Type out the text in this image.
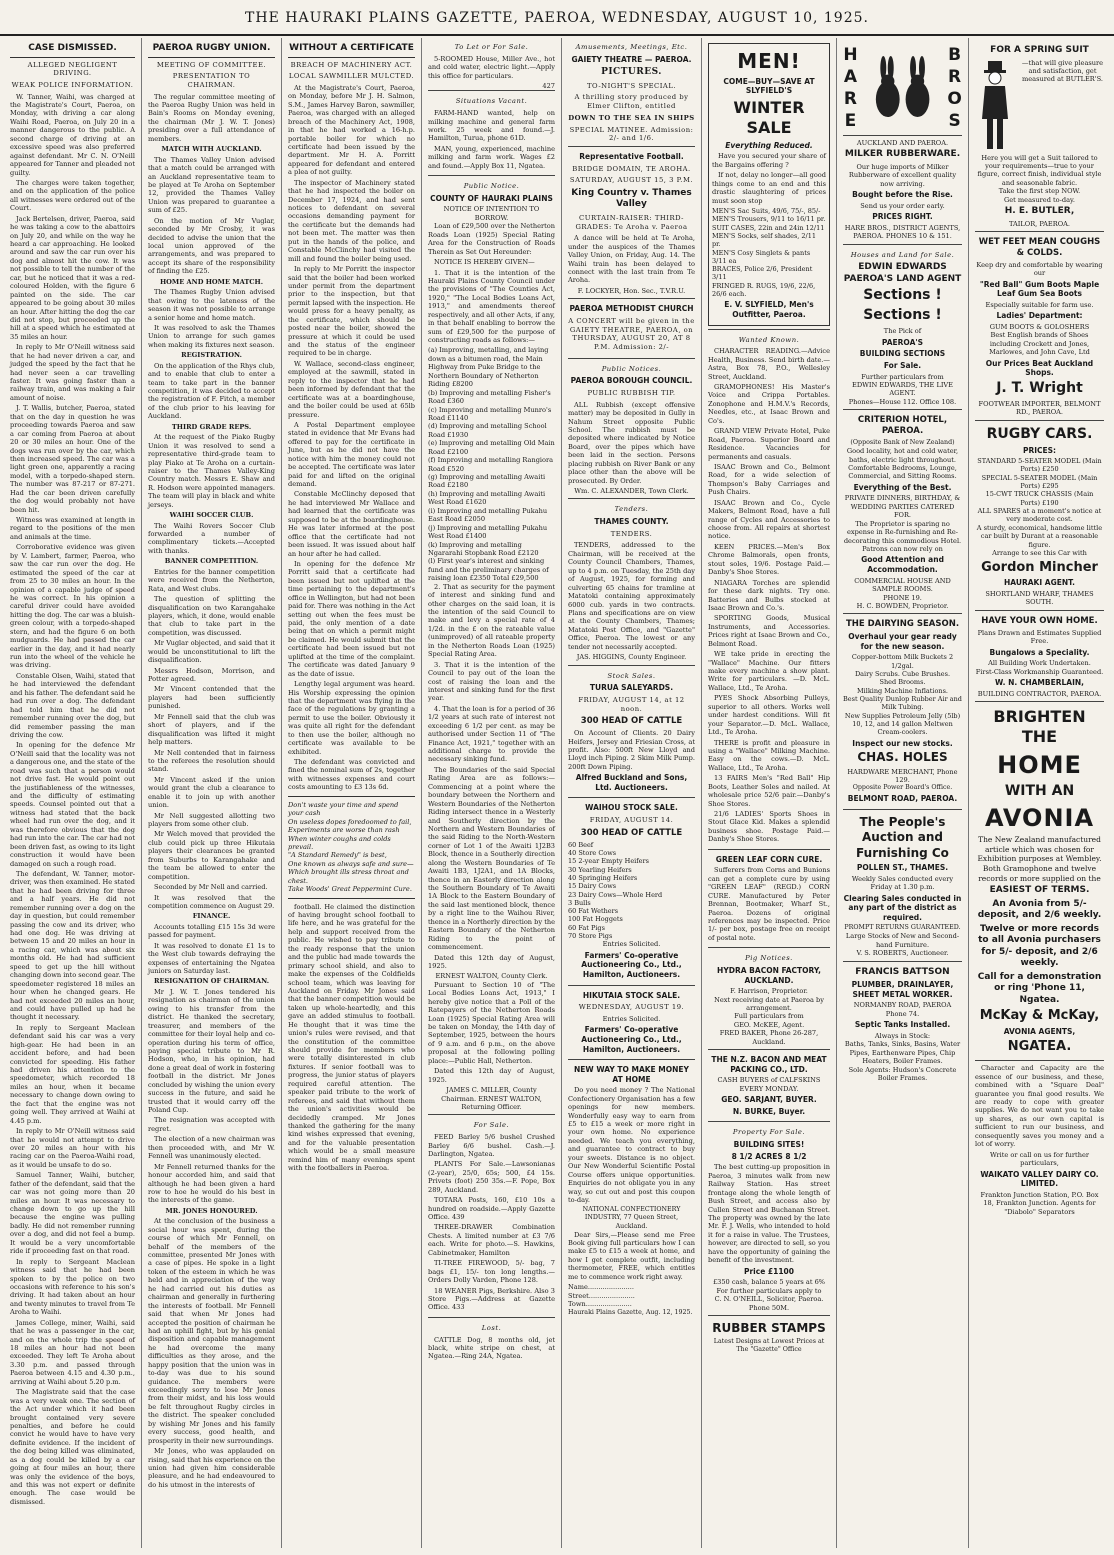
THE HAURAKI PLAINS GAZETTE, PAEROA, WEDNESDAY, AUGUST 10, 1925.
CASE DISMISSED.
ALLEGED NEGLIGENT DRIVING.
WEAK POLICE INFORMATION.

W. Tanner, Waihi, was charged at the Magistrate's Court, Paeroa, on Monday, with driving a car along Waihi Road, Paeroa, on July 20 in a manner dangerous to the public. A second charge of driving at an excessive speed was also preferred against defendant. Mr C. N. O'Neill appeared for Tanner and pleaded not guilty.

The charges were taken together, and on the application of the police all witnesses were ordered out of the Court.

Jack Bertelsen, driver, Paeroa, said he was taking a cow to the abattoirs on July 20, and while on the way he heard a car approaching. He looked around and saw the car run over his dog and almost hit the cow. It was not possible to tell the number of the car, but he noticed that it was a red-coloured Holden, with the figure 6 painted on the side. The car appeared to be going about 30 miles an hour. After hitting the dog the car did not stop, but proceeded up the hill at a speed which he estimated at 35 miles an hour.

In reply to Mr O'Neill witness said that he had never driven a car, and judged the speed by the fact that he had never seen a car travelling faster. It was going faster than a railway train, and was making a fair amount of noise.

J. T. Wallis, butcher, Paeroa, stated that on the day in question he was proceeding towards Paeroa and saw a car coming from Paeroa at about 20 or 30 miles an hour. One of the dogs was run over by the car, which then increased speed. The car was a light green one, apparently a racing model, with a torpedo-shaped stern. The number was 87-217 or 87-271. Had the car been driven carefully the dog would probably not have been hit.

Witness was examined at length in regard to the positions of the men and animals at the time.

Corroborative evidence was given by V. Lambert, farmer, Paeroa, who saw the car run over the dog. He estimated the speed of the car at from 25 to 30 miles an hour. In the opinion of a capable judge of speed he was correct. In his opinion a careful driver could have avoided hitting the dog. The car was a bluish-green colour, with a torpedo-shaped stern, and had the figure 6 on both mudguards. He had passed the car earlier in the day, and it had nearly run into the wheel of the vehicle he was driving.

Constable Olsen, Waihi, stated that he had interviewed the defendant and his father. The defendant said he had run over a dog. The defendant had told him that he did not remember running over the dog, but did remember passing the man driving the cow.

In opening for the defence Mr O'Neill said that the locality was not a dangerous one, and the state of the road was such that a person would not drive fast. He would point out the justifiableness of the witnesses, and the difficulty of estimating speeds. Counsel pointed out that a witness had stated that the back wheel had run over the dog, and it was therefore obvious that the dog had run into the car. The car had not been driven fast, as owing to its light construction it would have been damaged on such a rough road.

The defendant, W. Tanner, motor-driver, was then examined. He stated that he had been driving for three and a half years. He did not remember running over a dog on the day in question, but could remember passing the cow and its driver, who had one dog. He was driving at between 15 and 20 miles an hour in a racing car, which was about six months old. He had had sufficient speed to get up the hill without changing down into second gear. The speedometer registered 18 miles an hour when he changed gears. He had not exceeded 20 miles an hour, and could have pulled up had he thought it necessary.

In reply to Sergeant Maclean defendant said his car was a very high-gear. He had been in an accident before, and had been convicted for speeding. His father had driven his attention to the speedometer, which recorded 18 miles an hour, when it became necessary to change down owing to the fact that the engine was not going well. They arrived at Waihi at 4.45 p.m.

In reply to Mr O'Neill witness said that he would not attempt to drive over 20 miles an hour with his racing car on the Paeroa-Waihi road, as it would be unsafe to do so.

Samuel Tanner, Waihi, butcher, father of the defendant, said that the car was not going more than 20 miles an hour. It was necessary to change down to go up the hill because the engine was pulling badly. He did not remember running over a dog, and did not feel a bump. It would be a very uncomfortable ride if proceeding fast on that road.

In reply to Sergeant Maclean witness said that he had been spoken to by the police on two occasions with reference to his son's driving. It had taken about an hour and twenty minutes to travel from Te Aroha to Waihi.

James College, miner, Waihi, said that he was a passenger in the car, and on the whole trip the speed of 18 miles an hour had not been exceeded. They left Te Aroha about 3.30 p.m. and passed through Paeroa between 4.15 and 4.30 p.m., arriving at Waihi about 5.20 p.m.

The Magistrate said that the case was a very weak one. The section of the Act under which it had been brought contained very severe penalties, and before he could convict he would have to have very definite evidence. If the incident of the dog being killed was eliminated, as a dog could be killed by a car going at four miles an hour, there was only the evidence of the boys, and this was not expert or definite enough. The case would be dismissed.

PAEROA RUGBY UNION.
MEETING OF COMMITTEE.
PRESENTATION TO CHAIRMAN.

The regular committee meeting of the Paeroa Rugby Union was held in Bain's Rooms on Monday evening, the chairman (Mr J. W. T. Jones) presiding over a full attendance of members.

MATCH WITH AUCKLAND.

The Thames Valley Union advised that a match could be arranged with an Auckland representative team to be played at Te Aroha on September 12, provided the Thames Valley Union was prepared to guarantee a sum of £25.

On the motion of Mr Vuglar, seconded by Mr Crosby, it was decided to advise the union that the local union approved of the arrangements, and was prepared to accept its share of the responsibility of finding the £25.

HOME AND HOME MATCH.

The Thames Rugby Union advised that owing to the lateness of the season it was not possible to arrange a senior home and home match.

It was resolved to ask the Thames Union to arrange for such games when making its fixtures next season.

REGISTRATION.

On the application of the Rhys club, and to enable that club to enter a team to take part in the banner competition, it was decided to accept the registration of F. Fitch, a member of the club prior to his leaving for Auckland.

THIRD GRADE REPS.

At the request of the Piako Rugby Union it was resolved to send a representative third-grade team to play Piako at Te Aroha on a curtain-raiser to the Thames Valley-King Country match. Messrs E. Shaw and R. Hodson were appointed managers. The team will play in black and white jerseys.

WAIHI SOCCER CLUB.

The Waihi Rovers Soccer Club forwarded a number of complimentary tickets.—Accepted with thanks.

BANNER COMPETITION.

Entries for the banner competition were received from the Netherton, Rata, and West clubs.

The question of splitting the disqualification on two Karangahake players, which, it done, would enable that club to take part in the competition, was discussed.

Mr Vuglar objected, and said that it would be unconstitutional to lift the disqualification.

Messrs Hodson, Morrison, and Potter agreed.

Mr Vincent contended that the players had been sufficiently punished.

Mr Fennell said that the club was short of players, and if the disqualification was lifted it might help matters.

Mr Nell contended that in fairness to the referees the resolution should stand.

Mr Vincent asked if the union would grant the club a clearance to enable it to join up with another union.

Mr Nell suggested allotting two players from some other club.

Mr Welch moved that provided the club could pick up three Hikutaia players their clearances be granted from Suburbs to Karangahake and the team be allowed to enter the competition.

Seconded by Mr Nell and carried.

It was resolved that the competition commence on August 29.

FINANCE.

Accounts totalling £15 15s 3d were passed for payment.

It was resolved to donate £1 1s to the West club towards defraying the expenses of entertaining the Ngatea juniors on Saturday last.

RESIGNATION OF CHAIRMAN.

Mr J. W. T. Jones tendered his resignation as chairman of the union owing to his transfer from the district. He thanked the secretary, treasurer, and members of the committee for their loyal help and co-operation during his term of office, paying special tribute to Mr R. Hodson, who, in his opinion, had done a great deal of work in fostering football in the district. Mr Jones concluded by wishing the union every success in the future, and said he trusted that it would carry off the Poland Cup.

The resignation was accepted with regret.

The election of a new chairman was then proceeded with, and Mr W. Fennell was unanimously elected.

Mr Fennell returned thanks for the honour accorded him, and said that although he had been given a hard row to hoe he would do his best in the interests of the game.

MR. JONES HONOURED.

At the conclusion of the business a social hour was spent, during the course of which Mr Fennell, on behalf of the members of the committee, presented Mr Jones with a case of pipes. He spoke in a light token of the esteem in which he was held and in appreciation of the way he had carried out his duties as chairman and generally in furthering the interests of football. Mr Fennell said that when Mr Jones had accepted the position of chairman he had an uphill fight, but by his genial disposition and capable management he had overcome the many difficulties as they arose, and the happy position that the union was in to-day was due to his sound guidance. The members were exceedingly sorry to lose Mr Jones from their midst, and his loss would be felt throughout Rugby circles in the district. The speaker concluded by wishing Mr Jones and his family every success, good health, and prosperity in their new surroundings.

Mr Jones, who was applauded on rising, said that his experience on the union had given him considerable pleasure, and he had endeavoured to do his utmost in the interests of

WITHOUT A CERTIFICATE
BREACH OF MACHINERY ACT.
LOCAL SAWMILLER MULCTED.

At the Magistrate's Court, Paeroa, on Monday, before Mr J. H. Salmon, S.M., James Harvey Baron, sawmiller, Paeroa, was charged with an alleged breach of the Machinery Act, 1908, in that he had worked a 16-h.p. portable boiler for which no certificate had been issued by the department. Mr H. A. Porritt appeared for defendant and entered a plea of not guilty.

The inspector of Machinery stated that he had inspected the boiler on December 17, 1924, and had sent notices to defendant on several occasions demanding payment for the certificate but the demands had not been met. The matter was then put in the hands of the police, and Constable McClinchy had visited the mill and found the boiler being used.

In reply to Mr Porritt the inspector said that the boiler had been worked under permit from the department prior to the inspection, but that permit lapsed with the inspection. He would press for a heavy penalty, as the certificate, which should be posted near the boiler, showed the pressure at which it could be used and the status of the engineer required to be in charge.

W. Wallace, second-class engineer, employed at the sawmill, stated in reply to the inspector that he had been informed by defendant that the certificate was at a boardinghouse, and the boiler could be used at 65lb pressure.

A Postal Department employee stated in evidence that Mr Evans had offered to pay for the certificate in June, but as he did not have the notice with him the money could not be accepted. The certificate was later paid for and lifted on the original demand.

Constable McClinchy deposed that he had interviewed Mr Wallace and had learned that the certificate was supposed to be at the boardinghouse. He was later informed at the post office that the certificate had not been issued. It was issued about half an hour after he had called.

In opening for the defence Mr Porritt said that a certificate had been issued but not uplifted at the time pertaining to the department's office in Wellington, but had not been paid for. There was nothing in the Act setting out when the fees must be paid, the only mention of a date being that on which a permit might be claimed. He would submit that the certificate had been issued but not uplifted at the time of the complaint. The certificate was dated January 9 as the date of issue.

Lengthy legal argument was heard. His Worship expressing the opinion that the department was flying in the face of the regulations by granting a permit to use the boiler. Obviously it was quite all right for the defendant to then use the boiler, although no certificate was available to be exhibited.

The defendant was convicted and fined the nominal sum of 2s, together with witnesses expenses and court costs amounting to £3 13s 6d.

Don't waste your time and spend your cash
On useless dopes foredoomed to fail,
Experiments are worse than rash
When winter coughs and colds prevail.
"A Standard Remedy" is best,
One known as always safe and sure—
Which brought ills stress throat and chest.
Take Woods' Great Peppermint Cure.

football. He claimed the distinction of having brought school football to life here, and he was grateful for the help and support received from the public. He wished to pay tribute to the ready response that the union and the public had made towards the primary school shield, and also to make the expenses of the Coldfields school team, which was leaving for Auckland on Friday. Mr Jones said that the banner competition would be taken up whole-heartedly, and this gave an added stimulus to football. He thought that it was time the union's rules were revised, and that the constitution of the committee should provide for members who were totally disinterested in club fixtures. If senior football was to progress, the junior status of players required careful attention. The speaker paid tribute to the work of referees, and said that without them the union's activities would be decidedly cramped. Mr Jones thanked the gathering for the many kind wishes expressed that evening, and for the valuable presentation which would be a small measure remind him of many evenings spent with the footballers in Paeroa.

To Let or For Sale.

5-ROOMED House, Miller Ave., hot and cold water, electric light.—Apply this office for particulars.

427
Situations Vacant.

FARM-HAND wanted, help on milking machine and general farm work. 25 week and found.—J. Hamilton, Turua, phone 61D.

MAN, young, experienced, machine milking and farm work. Wages £2 and found.—Apply Box 11, Ngatea.

Public Notice.
COUNTY OF HAURAKI PLAINS
NOTICE OF INTENTION TO BORROW.

Loan of £29,500 over the Netherton Roads Loan (1925) Special Rating Area for the Construction of Roads Therein as Set Out Hereunder:

NOTICE IS HEREBY GIVEN—

1. That it is the intention of the Hauraki Plains County Council under the provisions of "The Counties Act, 1920," "The Local Bodies Loans Act, 1913," and amendments thereof respectively, and all other Acts, if any, in that behalf enabling to borrow the sum of £29,500 for the purpose of constructing roads as follows:—

(a) Improving, metalling, and laying down as a bitumen road, the Main Highway from Puke Bridge to the Northern Boundary of Netherton Riding £8200
(b) Improving and metalling Fisher's Road £360
(c) Improving and metalling Munro's Road £1140
(d) Improving and metalling School Road £1930
(e) Improving and metalling Old Main Road £2100
(f) Improving and metalling Rangiora Road £520
(g) Improving and metalling Awaiti Road £2180
(h) Improving and metalling Awaiti West Road £1620
(i) Improving and metalling Pukahu East Road £2050
(j) Improving and metalling Pukahu West Road £1400
(k) Improving and metalling Ngararahi Stopbank Road £2120
(l) First year's interest and sinking fund and the preliminary charges of raising loan £2350 Total £29,500

2. That as security for the payment of interest and sinking fund and other charges on the said loan, it is the intention of the said Council to make and levy a special rate of 4 1/2d. in the £ on the rateable value (unimproved) of all rateable property in the Netherton Roads Loan (1925) Special Rating Area.

3. That it is the intention of the Council to pay out of the loan the cost of raising the loan and the interest and sinking fund for the first year.

4. That the loan is for a period of 36 1/2 years at such rate of interest not exceeding 6 1/2 per cent. as may be authorised under Section 11 of "The Finance Act, 1921," together with an additional charge to provide the necessary sinking fund.

The Boundaries of the said Special Rating Area are as follows:—Commencing at a point where the boundary between the Northern and Western Boundaries of the Netherton Riding intersect thence in a Westerly and Southerly direction by the Northern and Western Boundaries of the said Riding to the North-Western corner of Lot 1 of the Awaiti 1J2B3 Block, thence in a Southerly direction along the Western Boundaries of Te Awaiti 1B3, 1J2A1, and 1A Blocks, thence in an Easterly direction along the Southern Boundary of Te Awaiti 1A Block to the Eastern Boundary of the said last mentioned block, thence by a right line to the Waihou River, thence in a Northerly direction by the Eastern Boundary of the Netherton Riding to the point of commencement.

Dated this 12th day of August, 1925.

ERNEST WALTON, County Clerk.

Pursuant to Section 10 of "The Local Bodies Loans Act, 1913," I hereby give notice that a Poll of the Ratepayers of the Netherton Roads Loan (1925) Special Rating Area will be taken on Monday, the 14th day of September, 1925, between the hours of 9 a.m. and 6 p.m., on the above proposal at the following polling place:—Public Hall, Netherton.

Dated this 12th day of August, 1925.

JAMES C. MILLER, County Chairman. ERNEST WALTON, Returning Officer.
For Sale.

FEED Barley 5/6 bushel Crushed Barley 6/6 bushel. Cash.—J. Darlington, Ngatea.

PLANTS For Sale.—Lawsonianas (2-year), 25/0, 65s; 500, £4 15s. Privets (foot) 250 35s.—F. Pope, Box 289, Auckland.

TOTARA Posts, 160, £10 10s a hundred on roadside.—Apply Gazette Office. 439

THREE-DRAWER Combination Chests. A limited number at £3 7/6 each. Write for photo.—S. Hawkins, Cabinetmaker, Hamilton

TI-TREE FIREWOOD, 5/- bag, 7 bags £1, 15/- ton long lengths.—Orders Dolly Varden, Phone 128.

18 WEANER Pigs, Berkshire. Also 3 Store Pigs.—Address at Gazette Office. 433

Lost.

CATTLE Dog, 8 months old, jet black, white stripe on chest, at Ngatea.—Ring 24A, Ngatea.

Amusements, Meetings, Etc.
GAIETY THEATRE — PAEROA.
PICTURES.
TO-NIGHT'S SPECIAL.
A thrilling story produced by Elmer Clifton, entitled
DOWN TO THE SEA IN SHIPS
SPECIAL MATINEE. Admission: 2/- and 1/6.
Representative Football.
BRIDGE DOMAIN, TE AROHA.
SATURDAY, AUGUST 15, 3 P.M.
King Country v. Thames Valley
CURTAIN-RAISER: THIRD-GRADES: Te Aroha v. Paeroa

A dance will be held at Te Aroha, under the auspices of the Thames Valley Union, on Friday, Aug. 14. The Waihi train has been delayed to connect with the last train from Te Aroha.

F. LOCKYER, Hon. Sec., T.V.R.U.
PAEROA METHODIST CHURCH
A CONCERT will be given in the GAIETY THEATRE, PAEROA, on THURSDAY, AUGUST 20, AT 8 P.M. Admission: 2/-
Public Notices.
PAEROA BOROUGH COUNCIL.
PUBLIC RUBBISH TIP.

ALL Rubbish (except offensive matter) may be deposited in Gully in Nahum Street opposite Public School. The rubbish must be deposited where indicated by Notice Board, over the pipes which have been laid in the section. Persons placing rubbish on River Bank or any place other than the above will be prosecuted. By Order.

Wm. C. ALEXANDER, Town Clerk.
Tenders.
THAMES COUNTY.
TENDERS.

TENDERS, addressed to the Chairman, will be received at the County Council Chambers, Thames, up to 4 p.m. on Tuesday, the 25th day of August, 1925, for forming and culverting 65 chains for tramline at Matatoki containing approximately 6000 cub. yards in two contracts. Plans and specifications are on view at the County Chambers, Thames; Matatoki Post Office, and "Gazette" Office, Paeroa. The lowest or any tender not necessarily accepted.

JAS. HIGGINS, County Engineer.
Stock Sales.
TURUA SALEYARDS.
FRIDAY, AUGUST 14, at 12 noon.
300 HEAD OF CATTLE

On Account of Clients. 20 Dairy Heifers, Jersey and Friesian Cross, at profit. Also: 500ft New Lloyd and Lloyd inch Piping. 2 Skim Milk Pump. 200ft Down Piping.

Alfred Buckland and Sons, Ltd. Auctioneers.
WAIHOU STOCK SALE.
FRIDAY, AUGUST 14.
300 HEAD OF CATTLE
60 Beef
40 Store Cows
15 2-year Empty Heifers
30 Yearling Heifers
40 Springing Heifers
15 Dairy Cows
23 Dairy Cows—Whole Herd
3 Bulls
60 Fat Wethers
100 Fat Hoggets
60 Fat Pigs
70 Store Pigs
Entries Solicited.
Farmers' Co-operative Auctioneering Co., Ltd., Hamilton, Auctioneers.
HIKUTAIA STOCK SALE.
WEDNESDAY, AUGUST 19.
Entries Solicited.
Farmers' Co-operative Auctioneering Co., Ltd., Hamilton, Auctioneers.
NEW WAY TO MAKE MONEY AT HOME

Do you need money ? The National Confectionery Organisation has a few openings for new members. Wonderfully easy way to earn from £5 to £15 a week or more right in your own home. No experience needed. We teach you everything, and guarantee to contract to buy your sweets. Distance is no object. Our New Wonderful Scientific Postal Course offers unique opportunities. Enquiries do not obligate you in any way, so cut out and post this coupon to-day.

NATIONAL CONFECTIONERY INDUSTRY, 77 Queen Street, Auckland.

Dear Sirs,—Please send me Free Book giving full particulars how I can make £5 to £15 a week at home, and how I get complete outfit, including thermometer, FREE, which entitles me to commence work right away.

Name......................
Street......................
Town......................
Hauraki Plains Gazette, Aug. 12, 1925.
MEN!
COME—BUY—SAVE AT SLYFIELD'S
WINTER SALE
Everything Reduced.

Have you secured your share of the Bargains offering ?

If not, delay no longer—all good things come to an end and this drastic slaughtering of prices must soon stop

MEN'S Sac Suits, 49/6, 75/-, 85/-
MEN'S Trousers, 9/11 to 16/11 pr.
SUIT CASES, 22in and 24in 12/11
MEN'S Socks, self shades, 2/11 pr.
MEN'S Cosy Singlets & pants 3/11 ea
BRACES, Police 2/6, President 3/11
FRINGED R. RUGS, 19/6, 22/6, 26/6 each.
E. V. SLYFIELD, Men's Outfitter, Paeroa.
Wanted Known.

CHARACTER READING.—Advice Health, Business. Send birth date.—Astra, Box 78, P.O., Wellesley Street, Auckland.

GRAMOPHONES! His Master's Voice and Crippa Portables. Zonophone and H.M.V.'s Records, Needles, etc., at Isaac Brown and Co's.

GRAND VIEW Private Hotel, Puke Road, Paeroa. Superior Board and Residence. Vacancies for permanents and casuals.

ISAAC Brown and Co., Belmont Road, for a wide selection of Thompson's Baby Carriages and Push Chairs.

ISAAC Brown and Co., Cycle Makers, Belmont Road, have a full range of Cycles and Accessories to choose from. All repairs at shortest notice.

KEEN PRICES.—Men's Box Chrome Balmorals, open fronts, stout soles, 19/6. Postage Paid.—Danby's Shoe Stores.

NIAGARA Torches are splendid for these dark nights. Try one. Batteries and Bulbs stocked at Isaac Brown and Co.'s.

SPORTING Goods, Musical Instruments, and Accessories. Prices right at Isaac Brown and Co., Belmont Road.

WE take pride in erecting the "Wallace" Machine. Our fitters make every machine a show plant. Write for particulars. —D. McL. Wallace, Ltd., Te Aroha.

PYES Shock Absorbing Pulleys, superior to all others. Works well under hardest conditions. Will fit your Separator.—D. McL. Wallace, Ltd., Te Aroha.

THERE is profit and pleasure in using a "Wallace" Milking Machine. Easy on the cows.—D. McL. Wallace, Ltd., Te Aroha.

13 FAIRS Men's "Red Ball" Hip Boots, Leather Soles and nailed. At wholesale price 52/6 pair.—Danby's Shoe Stores.

21/6 LADIES' Sports Shoes in Stout Glace Kid. Makes a splendid business shoe. Postage Paid.—Danby's Shoe Stores.

GREEN LEAF CORN CURE.

Sufferers from Corns and Bunions can get a complete cure by using "GREEN LEAF" (REGD.) CORN CURE. Manufactured by Peter Brennan, Bootmaker, Wharf St., Paeroa. Dozens of original references may be inspected. Price 1/- per box, postage free on receipt of postal note.

Pig Notices.
HYDRA BACON FACTORY, AUCKLAND.
F. Harrison, Proprietor.
Next receiving date at Paeroa by arrangement.
Full particulars from
GEO. McKEE, Agent.
FRED BAKER, Phone 26-287, Auckland.
THE N.Z. BACON AND MEAT PACKING CO., LTD.
CASH BUYERS of CALFSKINS EVERY MONDAY.
GEO. SARJANT, BUYER.
N. BURKE, Buyer.
Property For Sale.
BUILDING SITES!
8 1/2 ACRES 8 1/2

The best cutting-up proposition in Paeroa, 3 minutes walk from new Railway Station. Has street frontage along the whole length of Bush Street, and access also by Cullen Street and Buchanan Street. The property was owned by the late Mr. F. J. Wells, who intended to hold it for a raise in value. The Trustees, however, are directed to sell, so you have the opportunity of gaining the benefit of the investment.

Price £1100
£350 cash, balance 5 years at 6%
For further particulars apply to
C. N. O'NEILL, Solicitor, Paeroa. Phone 50M.
RUBBER STAMPS
Latest Designs at Lowest Prices at The "Gazette" Office
H
A
R
E
B
R
O
S
AUCKLAND AND PAEROA.
MILKER RUBBERWARE.
Our huge imports of Milker Rubberware of excellent quality now arriving.
Bought before the Rise.
Send us your order early.
PRICES RIGHT.
HARE BROS., DISTRICT AGENTS, PAEROA. PHONES 10 & 151.
Houses and Land for Sale.
EDWIN EDWARDS PAEROA'S LAND AGENT
Sections !
Sections !
The Pick of
PAEROA'S
BUILDING SECTIONS
For Sale.
Further particulars from
EDWIN EDWARDS, THE LIVE AGENT.
Phones—House 112. Office 108.
CRITERION HOTEL, PAEROA.
(Opposite Bank of New Zealand)
Good locality, hot and cold water, baths, electric light throughout.
Comfortable Bedrooms, Lounge, Commercial, and Sitting Rooms.
Everything of the Best.
PRIVATE DINNERS, BIRTHDAY, & WEDDING PARTIES CATERED FOR.
The Proprietor is sparing no expense in Re-furnishing and Re-decorating this commodious Hotel. Patrons can now rely on
Good Attention and Accommodation.
COMMERCIAL HOUSE AND SAMPLE ROOMS.
PHONE 19.
H. C. BOWDEN, Proprietor.
THE DAIRYING SEASON.
Overhaul your gear ready for the new season.
Copper-bottom Milk Buckets 2 1/2gal.
Dairy Scrubs. Cube Brushes.
Shed Brooms.
Milking Machine Inflations.
Best Quality Dunlop Rubber Air and Milk Tubing.
New Supplies Petroleum Jelly (5lb) 10, 12, and 14 gallon Meltwen Cream-coolers.
Inspect our new stocks.
CHAS. HOLES
HARDWARE MERCHANT, Phone 129.
Opposite Power Board's Office.
BELMONT ROAD, PAEROA.
The People's Auction and Furnishing Co
POLLEN ST., THAMES.
Weekly Sales conducted every Friday at 1.30 p.m.
Clearing Sales conducted in any part of the district as required.
PROMPT RETURNS GUARANTEED.
Large Stocks of New and Second-hand Furniture.
V. S. ROBERTS, Auctioneer.
FRANCIS BATTSON
PLUMBER, DRAINLAYER, SHEET METAL WORKER.
NORMANBY ROAD, PAEROA Phone 74.
Septic Tanks Installed.
Always in Stock:
Baths, Tanks, Sinks, Basins, Water Pipes, Earthenware Pipes, Chip Heaters, Boiler Frames.
Sole Agents: Hudson's Concrete Boiler Frames.
FOR A SPRING SUIT
—that will give pleasure and satisfaction, get measured at BUTLER'S.
Here you will get a Suit tailored to your requirements—true to your figure, correct finish, individual style and seasonable fabric.
Take the first step NOW.
Get measured to-day.
H. E. BUTLER,
TAILOR, PAEROA.
WET FEET MEAN COUGHS & COLDS.
Keep dry and comfortable by wearing our
"Red Ball" Gum Boots Maple Leaf Gum Sea Boots
Especially suitable for farm use.
Ladies' Department:
GUM BOOTS & GOLOSHERS
Best English brands of Shoes including Crockett and Jones, Marlowes, and John Cave, Ltd
Our Prices Beat Auckland Shops.
J. T. Wright
FOOTWEAR IMPORTER, BELMONT RD., PAEROA.
RUGBY CARS.
PRICES:
STANDARD 5-SEATER MODEL (Main Ports) £250
SPECIAL 5-SEATER MODEL (Main Ports) £295
15-CWT TRUCK CHASSIS (Main Ports) £190
ALL SPARES at a moment's notice at very moderate cost.
A sturdy, economical, handsome little car built by Durant at a reasonable figure.
Arrange to see this Car with
Gordon Mincher
HAURAKI AGENT.
SHORTLAND WHARF, THAMES SOUTH.
HAVE YOUR OWN HOME.
Plans Drawn and Estimates Supplied Free.
Bungalows a Speciality.
All Building Work Undertaken.
First-Class Workmanship Guaranteed.
W. N. CHAMBERLAIN,
BUILDING CONTRACTOR, PAEROA.
BRIGHTEN THE
HOME
WITH AN
AVONIA
The New Zealand manufactured article which was chosen for Exhibition purposes at Wembley.
Both Gramophone and twelve records or more supplied on the
EASIEST OF TERMS.
An Avonia from 5/- deposit, and 2/6 weekly.
Twelve or more records to all Avonia purchasers for 5/- deposit, and 2/6 weekly.
Call for a demonstration or ring 'Phone 11, Ngatea.
McKay & McKay,
AVONIA AGENTS,
NGATEA.

Character and Capacity are the essence of our business, and these, combined with a "Square Deal" guarantee you final good results. We are ready to cope with greater supplies. We do not want you to take up shares, as our own capital is sufficient to run our business, and consequently saves you money and a lot of worry.

Write or call on us for further particulars,
WAIKATO VALLEY DAIRY CO. LIMITED.
Frankton Junction Station, P.O. Box 18, Frankton Junction. Agents for "Diabolo" Separators
